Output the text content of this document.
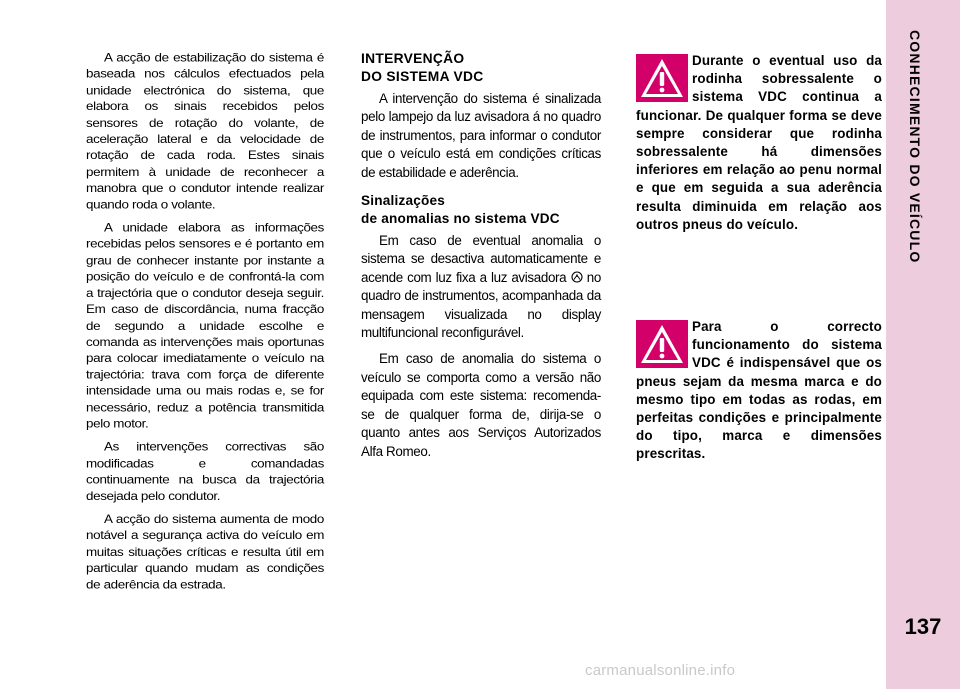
CONHECIMENTO DO VEÍCULO
137

A acção de estabilização do sistema é baseada nos cálculos efectuados pela unidade electrónica do sistema, que elabora os sinais recebidos pelos sensores de rotação do volante, de aceleração lateral e da velocidade de rotação de cada roda. Estes sinais permitem à unidade de reconhecer a manobra que o condutor intende realizar quando roda o volante.

A unidade elabora as informações recebidas pelos sensores e é portanto em grau de conhecer instante por instante a posição do veículo e de confrontá-la com a trajectória que o condutor deseja seguir. Em caso de discordância, numa fracção de segundo a unidade escolhe e comanda as intervenções mais oportunas para colocar imediatamente o veículo na trajectória: trava com força de diferente intensidade uma ou mais rodas e, se for necessário, reduz a potência transmitida pelo motor.

As intervenções correctivas são modificadas e comandadas continuamente na busca da trajectória desejada pelo condutor.

A acção do sistema aumenta de modo notável a segurança activa do veículo em muitas situações críticas e resulta útil em particular quando mudam as condições de aderência da estrada.

INTERVENÇÃO
DO SISTEMA VDC

A intervenção do sistema é sinalizada pelo lampejo da luz avisadora á no quadro de instrumentos, para informar o condutor que o veículo está em condições críticas de estabilidade e aderência.

Sinalizações
de anomalias no sistema VDC

Em caso de eventual anomalia o sistema se desactiva automaticamente e acende com luz fixa a luz avisadora no quadro de instrumentos, acompanhada da mensagem visualizada no display multifuncional reconfigurável.

Em caso de anomalia do sistema o veículo se comporta como a versão não equipada com este sistema: recomenda-se de qualquer forma de, dirija-se o quanto antes aos Serviços Autorizados Alfa Romeo.

Durante o eventual uso da rodinha sobressalente o sistema VDC continua a funcionar. De qualquer forma se deve sempre considerar que rodinha sobressalente há dimensões inferiores em relação ao penu normal e que em seguida a sua aderência resulta diminuida em relação aos outros pneus do veículo.
Para o correcto funcionamento do sistema VDC é indispensável que os pneus sejam da mesma marca e do mesmo tipo em todas as rodas, em perfeitas condições e principalmente do tipo, marca e dimensões prescritas.
carmanualsonline.info
